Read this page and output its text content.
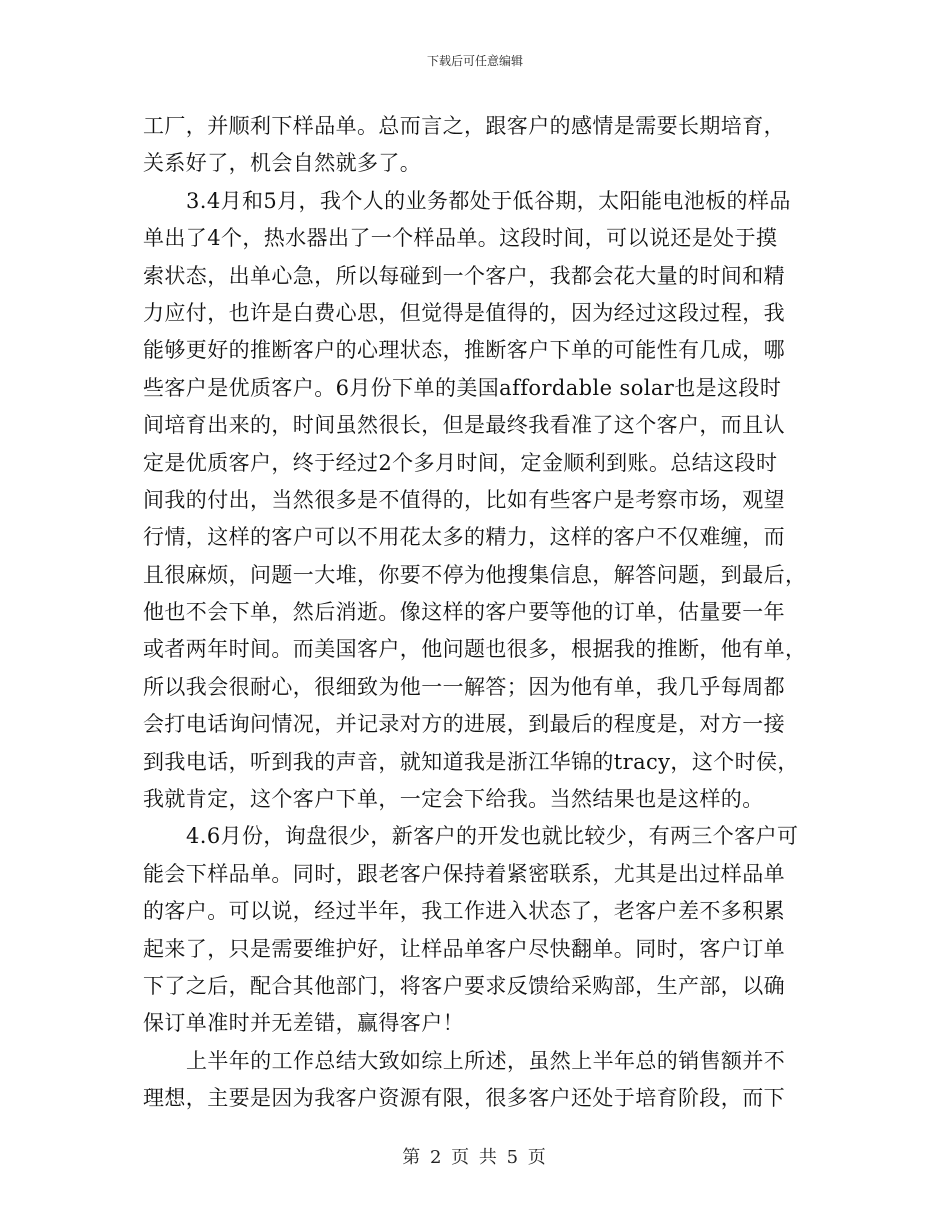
下载后可任意编辑
工厂，并顺利下样品单。总而言之，跟客户的感情是需要长期培育，
关系好了，机会自然就多了。
3.4月和5月，我个人的业务都处于低谷期，太阳能电池板的样品
单出了4个，热水器出了一个样品单。这段时间，可以说还是处于摸
索状态，出单心急，所以每碰到一个客户，我都会花大量的时间和精
力应付，也许是白费心思，但觉得是值得的，因为经过这段过程，我
能够更好的推断客户的心理状态，推断客户下单的可能性有几成，哪
些客户是优质客户。6月份下单的美国affordable solar也是这段时
间培育出来的，时间虽然很长，但是最终我看准了这个客户，而且认
定是优质客户，终于经过2个多月时间，定金顺利到账。总结这段时
间我的付出，当然很多是不值得的，比如有些客户是考察市场，观望
行情，这样的客户可以不用花太多的精力，这样的客户不仅难缠，而
且很麻烦，问题一大堆，你要不停为他搜集信息，解答问题，到最后，
他也不会下单，然后消逝。像这样的客户要等他的订单，估量要一年
或者两年时间。而美国客户，他问题也很多，根据我的推断，他有单，
所以我会很耐心，很细致为他一一解答；因为他有单，我几乎每周都
会打电话询问情况，并记录对方的进展，到最后的程度是，对方一接
到我电话，听到我的声音，就知道我是浙江华锦的tracy，这个时侯，
我就肯定，这个客户下单，一定会下给我。当然结果也是这样的。
4.6月份，询盘很少，新客户的开发也就比较少，有两三个客户可
能会下样品单。同时，跟老客户保持着紧密联系，尤其是出过样品单
的客户。可以说，经过半年，我工作进入状态了，老客户差不多积累
起来了，只是需要维护好，让样品单客户尽快翻单。同时，客户订单
下了之后，配合其他部门，将客户要求反馈给采购部，生产部，以确
保订单准时并无差错，赢得客户！
上半年的工作总结大致如综上所述，虽然上半年总的销售额并不
理想，主要是因为我客户资源有限，很多客户还处于培育阶段，而下
第 2 页 共 5 页
